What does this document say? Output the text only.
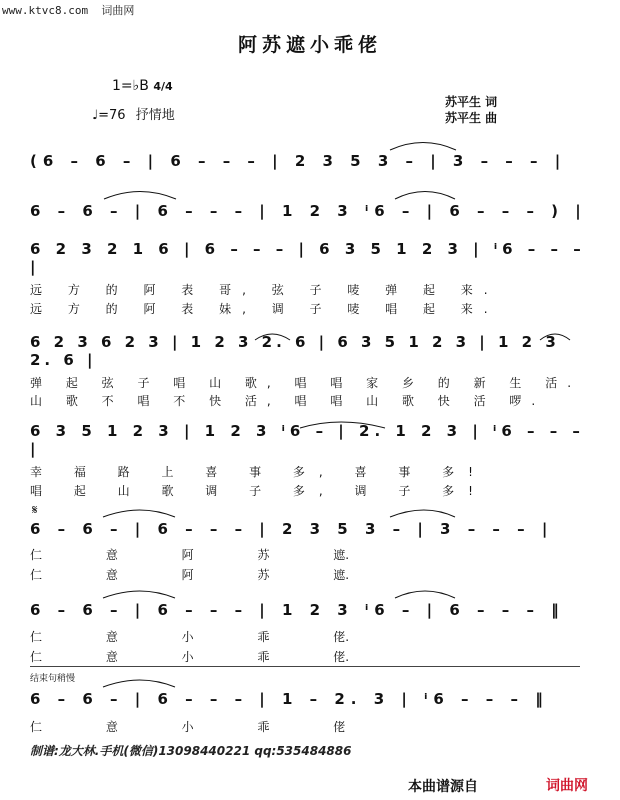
www.ktvc8.com 词曲网
阿苏遮小乖佬
1=♭B 4/4
♩=76 抒情地
苏平生 词
苏平生 曲
(6 – 6 – | 6 – – – | 2 3 5 3 – | 3 – – – |
6 – 6 – | 6 – – – | 1 2 3 ⁱ6 – | 6 – – – ) |
6 2 3 2 1 6 | 6 – – – | 6 3 5 1 2 3 | ⁱ6 – – – |
远 方 的 阿 表 哥, 弦 子 唛 弹 起 来.
远 方 的 阿 表 妹, 调 子 唛 唱 起 来.
6 2 3 6 2 3 | 1 2 3 2. 6 | 6 3 5 1 2 3 | 1 2 3 2. 6 |
弹 起 弦 子 唱 山 歌, 唱 唱 家 乡 的 新 生 活.
山 歌 不 唱 不 快 活, 唱 唱 山 歌 快 活 啰.
6 3 5 1 2 3 | 1 2 3 ⁱ6 – | 2. 1 2 3 | ⁱ6 – – – |
幸 福 路 上 喜 事 多, 喜 事 多!
唱 起 山 歌 调 子 多, 调 子 多!
𝄋
6 – 6 – | 6 – – – | 2 3 5 3 – | 3 – – – |
仁 意 阿 苏 遮.
仁 意 阿 苏 遮.
6 – 6 – | 6 – – – | 1 2 3 ⁱ6 – | 6 – – – ‖
仁 意 小 乖 佬.
仁 意 小 乖 佬.
结束句稍慢
6 – 6 – | 6 – – – | 1 – 2. 3 | ⁱ6 – – – ‖
仁 意 小 乖 佬
制谱:龙大林.手机(微信)13098440221 qq:535484886
本曲谱源自	词曲网
